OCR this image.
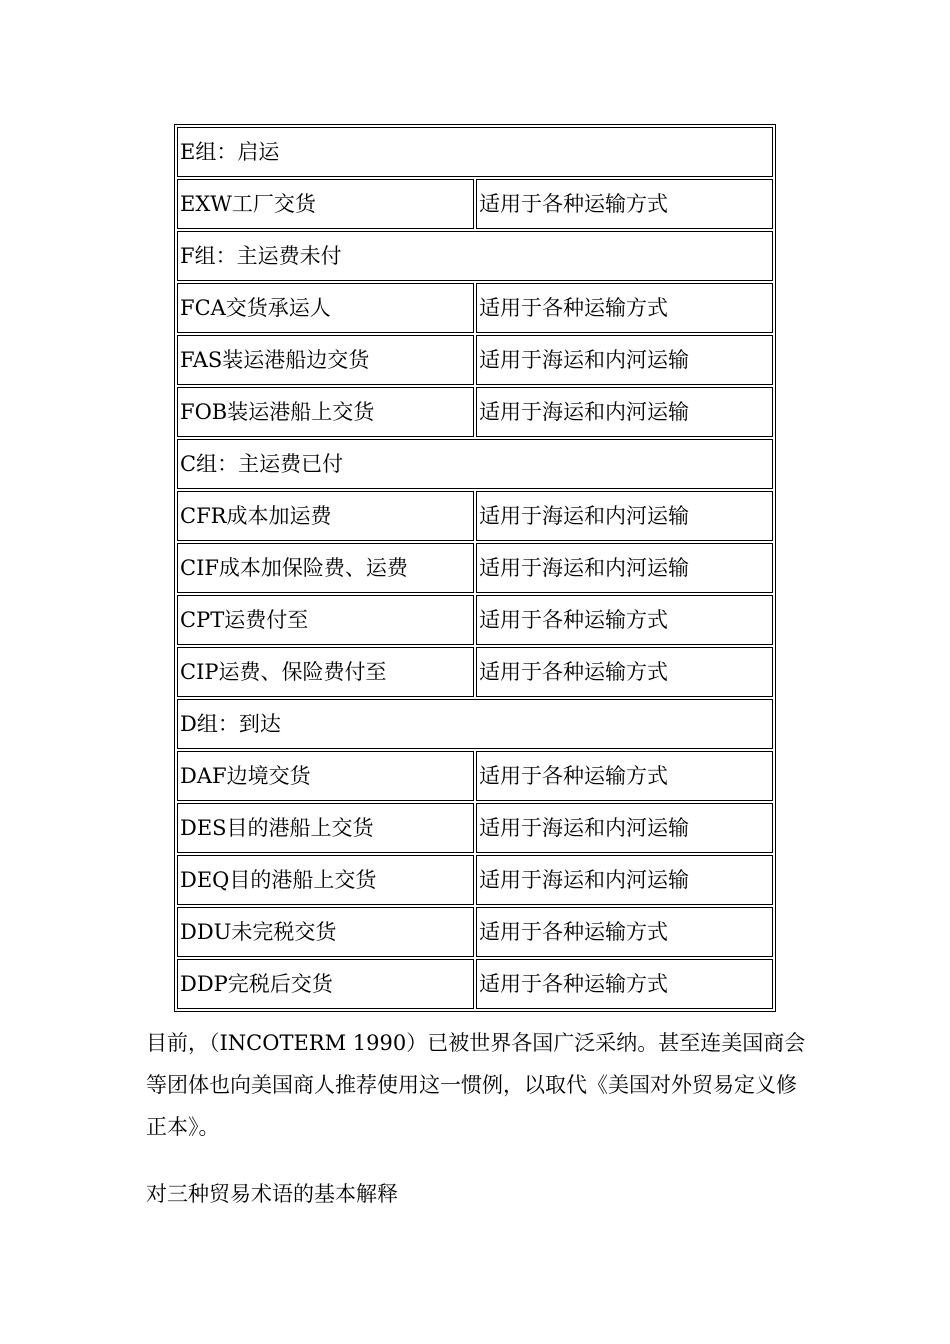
E组：启运	
EXW工厂交货	适用于各种运输方式
F组：主运费未付	
FCA交货承运人	适用于各种运输方式
FAS装运港船边交货	适用于海运和内河运输
FOB装运港船上交货	适用于海运和内河运输
C组：主运费已付	
CFR成本加运费	适用于海运和内河运输
CIF成本加保险费、运费	适用于海运和内河运输
CPT运费付至	适用于各种运输方式
CIP运费、保险费付至	适用于各种运输方式
D组：到达	
DAF边境交货	适用于各种运输方式
DES目的港船上交货	适用于海运和内河运输
DEQ目的港船上交货	适用于海运和内河运输
DDU未完税交货	适用于各种运输方式
DDP完税后交货	适用于各种运输方式

目前，（INCOTERM 1990）已被世界各国广泛采纳。甚至连美国商会等团体也向美国商人推荐使用这一惯例，以取代《美国对外贸易定义修正本》。

对三种贸易术语的基本解释
